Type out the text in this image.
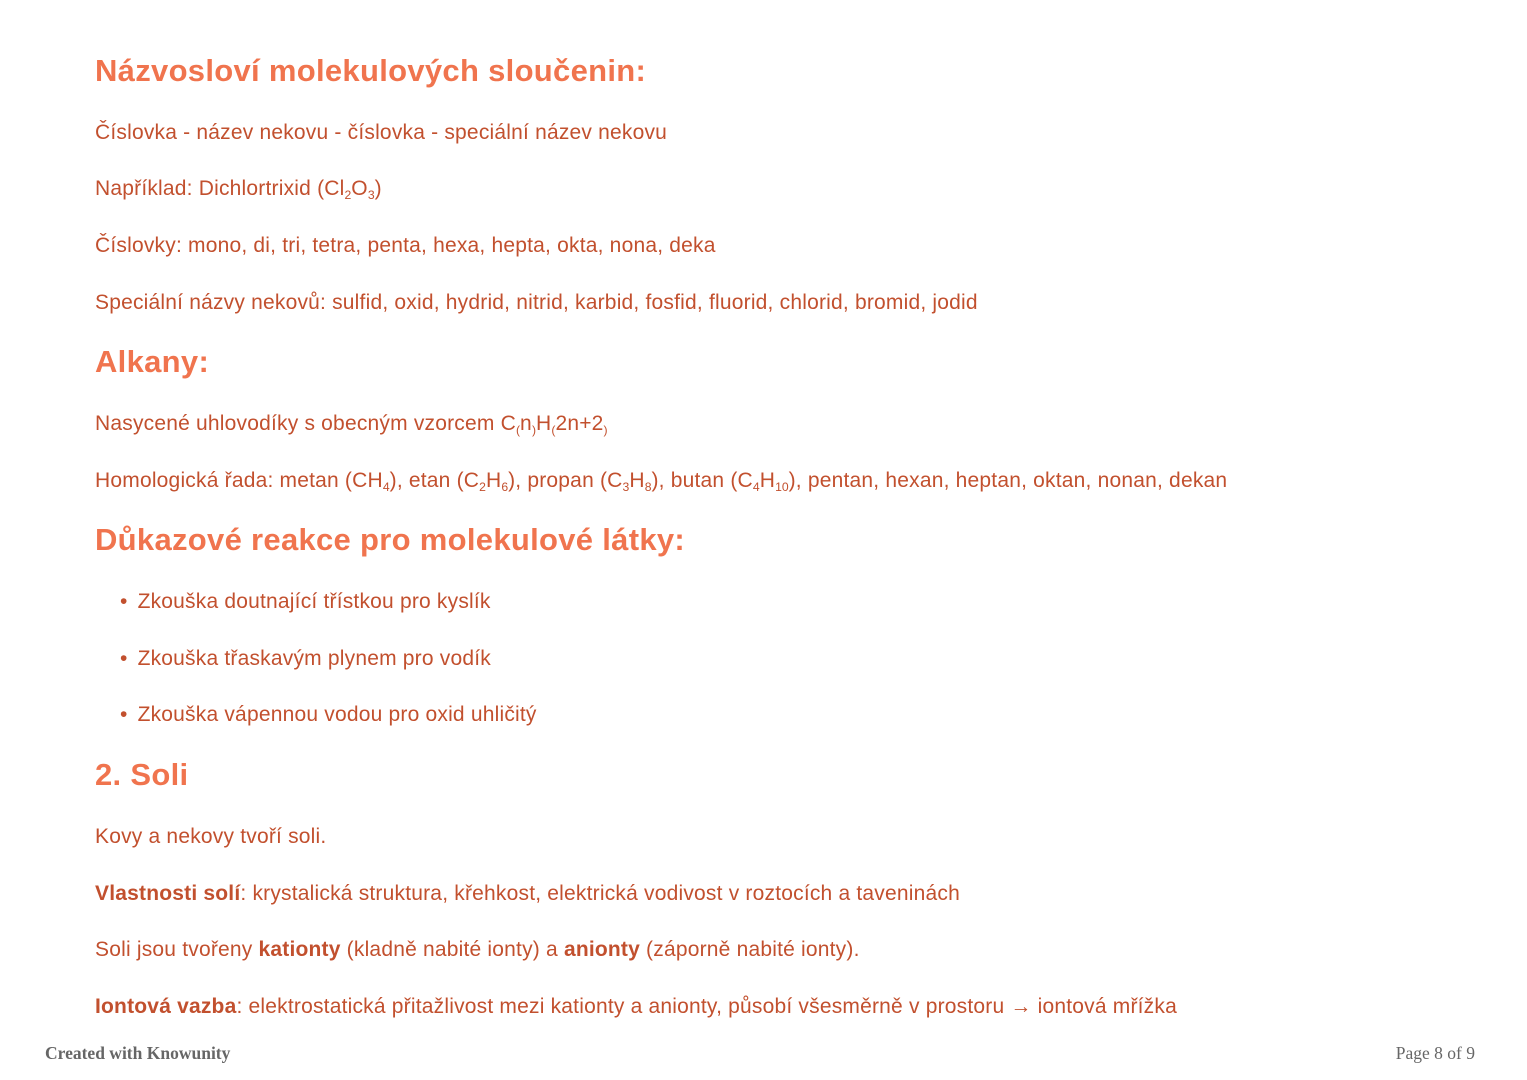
Názvosloví molekulových sloučenin:

Číslovka - název nekovu - číslovka - speciální název nekovu

Například: Dichlortrixid (Cl2O3)

Číslovky: mono, di, tri, tetra, penta, hexa, hepta, okta, nona, deka

Speciální názvy nekovů: sulfid, oxid, hydrid, nitrid, karbid, fosfid, fluorid, chlorid, bromid, jodid

Alkany:

Nasycené uhlovodíky s obecným vzorcem C(n)H(2n+2)

Homologická řada: metan (CH4), etan (C2H6), propan (C3H8), butan (C4H10), pentan, hexan, heptan, oktan, nonan, dekan

Důkazové reakce pro molekulové látky:

• Zkouška doutnající třístkou pro kyslík

• Zkouška třaskavým plynem pro vodík

• Zkouška vápennou vodou pro oxid uhličitý

2. Soli

Kovy a nekovy tvoří soli.

Vlastnosti solí: krystalická struktura, křehkost, elektrická vodivost v roztocích a taveninách

Soli jsou tvořeny kationty (kladně nabité ionty) a anionty (záporně nabité ionty).

Iontová vazba: elektrostatická přitažlivost mezi kationty a anionty, působí všesměrně v prostoru → iontová mřížka

Created with Knowunity	Page 8 of 9
